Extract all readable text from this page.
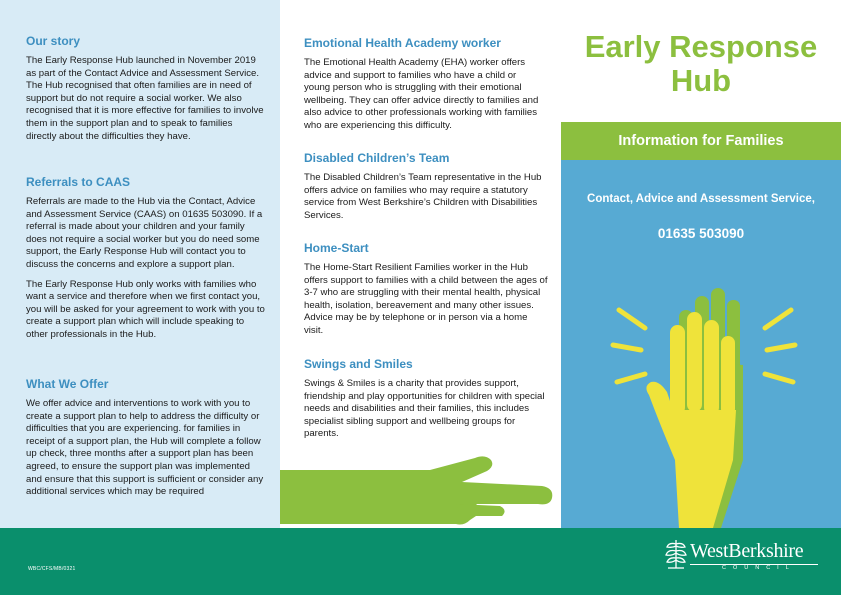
Our story
The Early Response Hub launched in November 2019 as part of the Contact Advice and Assessment Service. The Hub recognised that often families are in need of support but do not require a social worker. We also recognised that it is more effective for families to involve them in the support plan and to speak to families directly about the difficulties they have.
Referrals to CAAS
Referrals are made to the Hub via the Contact, Advice and Assessment Service (CAAS) on 01635 503090. If a referral is made about your children and your family does not require a social worker but you do need some support, the Early Response Hub will contact you to discuss the concerns and explore a support plan.
The Early Response Hub only works with families who want a service and therefore when we first contact you, you will be asked for your agreement to work with you to create a support plan which will include speaking to other professionals in the Hub.
What We Offer
We offer advice and interventions to work with you to create a support plan to help to address the difficulty or difficulties that you are experiencing. for families in receipt of a support plan, the Hub will complete a follow up check, three months after a support plan has been agreed, to ensure the support plan was implemented and ensure that this support is sufficient or consider any additional services which may be required
Emotional Health Academy worker
The Emotional Health Academy (EHA) worker offers advice and support to families who have a child or young person who is struggling with their emotional wellbeing. They can offer advice directly to families and also advice to other professionals working with families who are experiencing this difficulty.
Disabled Children’s Team
The Disabled Children’s Team representative in the Hub offers advice on families who may require a statutory service from West Berkshire’s Children with Disabilities Services.
Home-Start
The Home-Start Resilient Families worker in the Hub offers support to families with a child between the ages of 3-7 who are struggling with their mental health, physical health, isolation, bereavement and many other issues. Advice may be by telephone or in person via a home visit.
Swings and Smiles
Swings & Smiles is a charity that provides support, friendship and play opportunities for children with special needs and disabilities and their families, this includes specialist sibling support and wellbeing groups for parents.
Early Response
Hub
Information for Families
Contact, Advice and Assessment Service,
01635 503090
WBC/CFS/MB/0321
WestBerkshire
COUNCIL
